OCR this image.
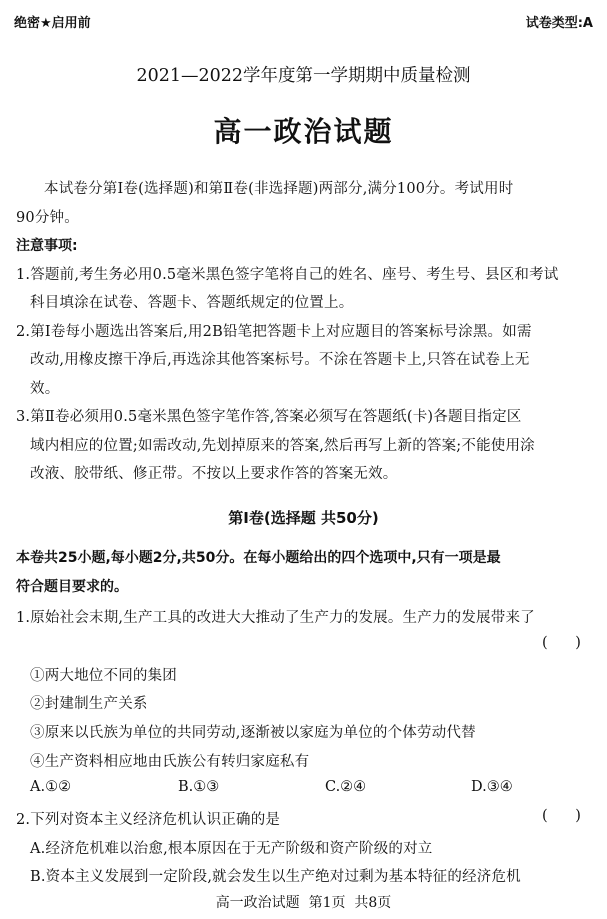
绝密★启用前	试卷类型:A
2021—2022学年度第一学期期中质量检测
高一政治试题
本试卷分第Ⅰ卷(选择题)和第Ⅱ卷(非选择题)两部分,满分100分。考试用时
90分钟。
注意事项:
1.答题前,考生务必用0.5毫米黑色签字笔将自己的姓名、座号、考生号、县区和考试
科目填涂在试卷、答题卡、答题纸规定的位置上。
2.第Ⅰ卷每小题选出答案后,用2B铅笔把答题卡上对应题目的答案标号涂黑。如需
改动,用橡皮擦干净后,再选涂其他答案标号。不涂在答题卡上,只答在试卷上无
效。
3.第Ⅱ卷必须用0.5毫米黑色签字笔作答,答案必须写在答题纸(卡)各题目指定区
域内相应的位置;如需改动,先划掉原来的答案,然后再写上新的答案;不能使用涂
改液、胶带纸、修正带。不按以上要求作答的答案无效。
第Ⅰ卷(选择题 共50分)
本卷共25小题,每小题2分,共50分。在每小题给出的四个选项中,只有一项是最
符合题目要求的。
1.原始社会末期,生产工具的改进大大推动了生产力的发展。生产力的发展带来了
(      )
①两大地位不同的集团
②封建制生产关系
③原来以氏族为单位的共同劳动,逐渐被以家庭为单位的个体劳动代替
④生产资料相应地由氏族公有转归家庭私有
A.①②	B.①③	C.②④	D.③④
2.下列对资本主义经济危机认识正确的是	(      )
A.经济危机难以治愈,根本原因在于无产阶级和资产阶级的对立
B.资本主义发展到一定阶段,就会发生以生产绝对过剩为基本特征的经济危机
高一政治试题  第1页  共8页
